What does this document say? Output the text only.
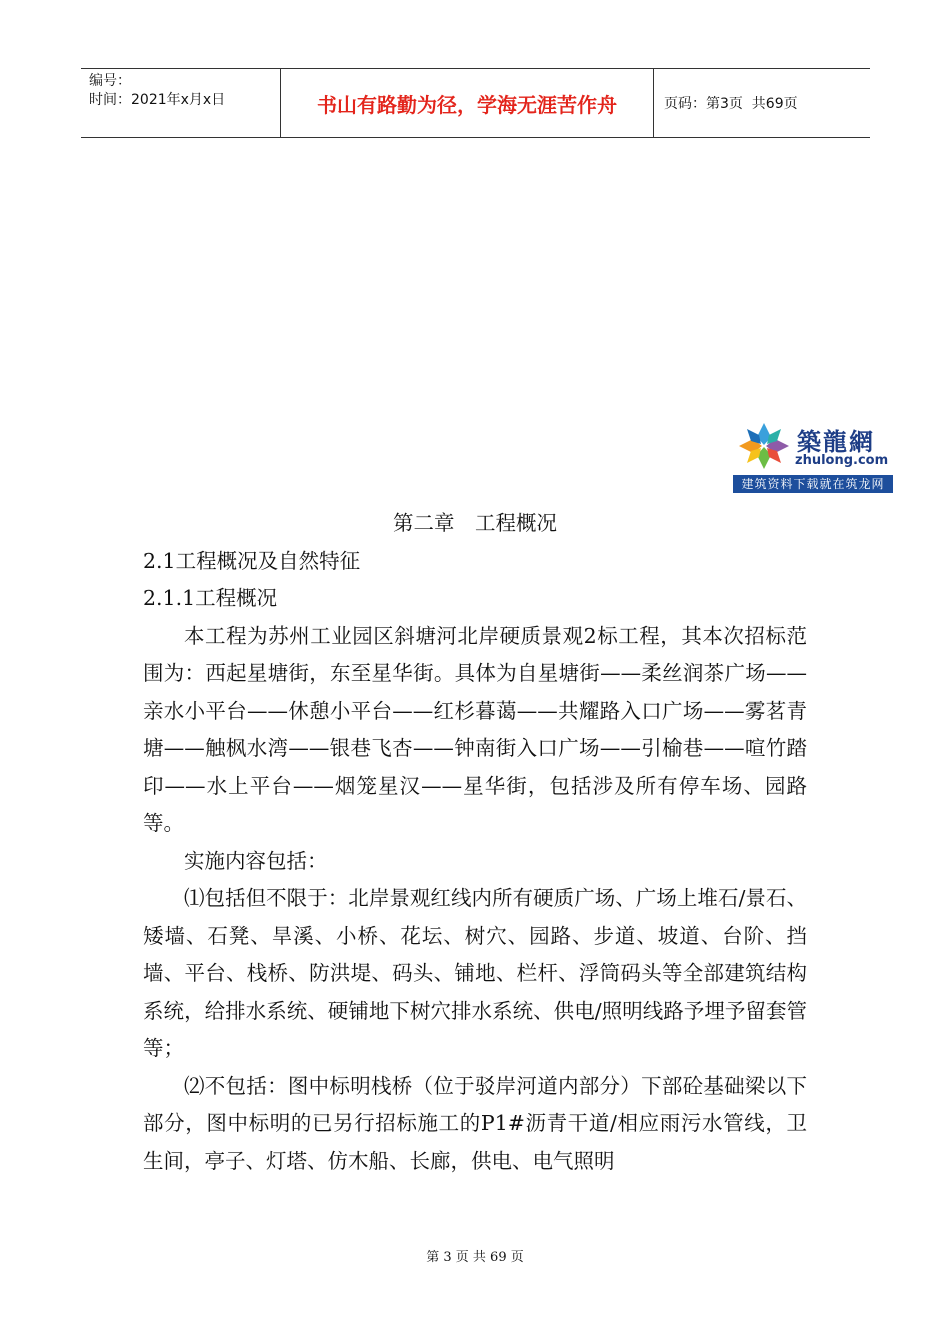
编号：
时间：2021年x月x日	书山有路勤为径，学海无涯苦作舟	页码：第3页  共69页
築龍網
zhulong.com
建筑资料下载就在筑龙网

第二章　工程概况

2.1工程概况及自然特征

2.1.1工程概况

本工程为苏州工业园区斜塘河北岸硬质景观2标工程，其本次招标范围为：西起星塘街，东至星华街。具体为自星塘街——柔丝润茶广场——亲水小平台——休憩小平台——红杉暮蔼——共耀路入口广场——雾茗青塘——触枫水湾——银巷飞杏——钟南街入口广场——引榆巷——喧竹踏印——水上平台——烟笼星汉——星华街，包括涉及所有停车场、园路等。

实施内容包括：

⑴包括但不限于：北岸景观红线内所有硬质广场、广场上堆石/景石、矮墙、石凳、旱溪、小桥、花坛、树穴、园路、步道、坡道、台阶、挡墙、平台、栈桥、防洪堤、码头、铺地、栏杆、浮筒码头等全部建筑结构系统，给排水系统、硬铺地下树穴排水系统、供电/照明线路予埋予留套管等；

⑵不包括：图中标明栈桥（位于驳岸河道内部分）下部砼基础梁以下部分，图中标明的已另行招标施工的P1#沥青干道/相应雨污水管线，卫生间，亭子、灯塔、仿木船、长廊，供电、电气照明

第 3 页 共 69 页
